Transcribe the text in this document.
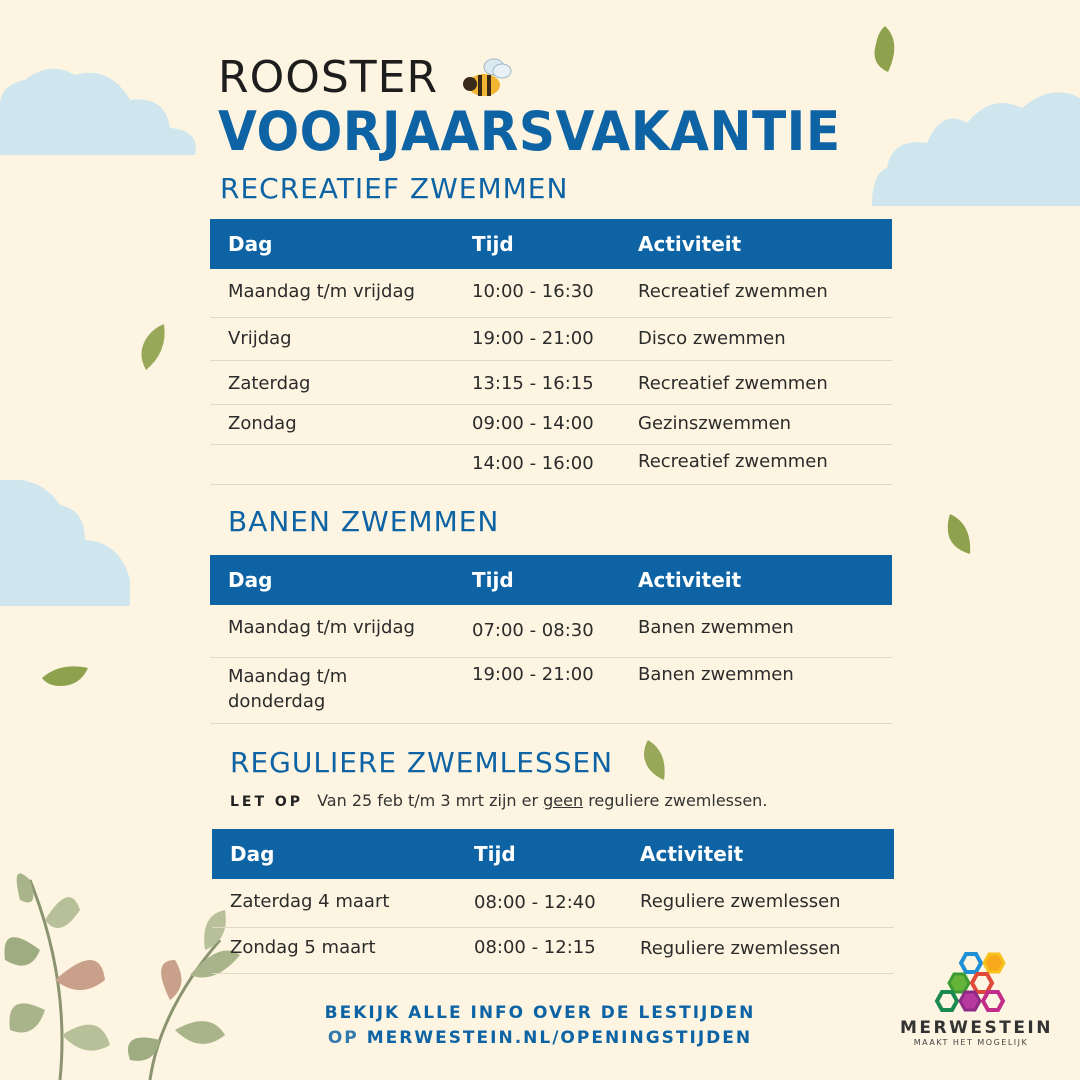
ROOSTER
VOORJAARSVAKANTIE
RECREATIEF ZWEMMEN
Dag	Tijd	Activiteit
Maandag t/m vrijdag	10:00 - 16:30	Recreatief zwemmen
Vrijdag	19:00 - 21:00	Disco zwemmen
Zaterdag	13:15 - 16:15	Recreatief zwemmen
Zondag	09:00 - 14:00	Gezinszwemmen
	14:00 - 16:00	Recreatief zwemmen
BANEN ZWEMMEN
Dag	Tijd	Activiteit
Maandag t/m vrijdag	07:00 - 08:30	Banen zwemmen
Maandag t/m donderdag	19:00 - 21:00	Banen zwemmen
REGULIERE ZWEMLESSEN
LET OP Van 25 feb t/m 3 mrt zijn er geen reguliere zwemlessen.
Dag	Tijd	Activiteit
Zaterdag 4 maart	08:00 - 12:40	Reguliere zwemlessen
Zondag 5 maart	08:00 - 12:15	Reguliere zwemlessen
BEKIJK ALLE INFO OVER DE LESTIJDEN
OP MERWESTEIN.NL/OPENINGSTIJDEN	MERWESTEIN
MAAKT HET MOGELIJK
